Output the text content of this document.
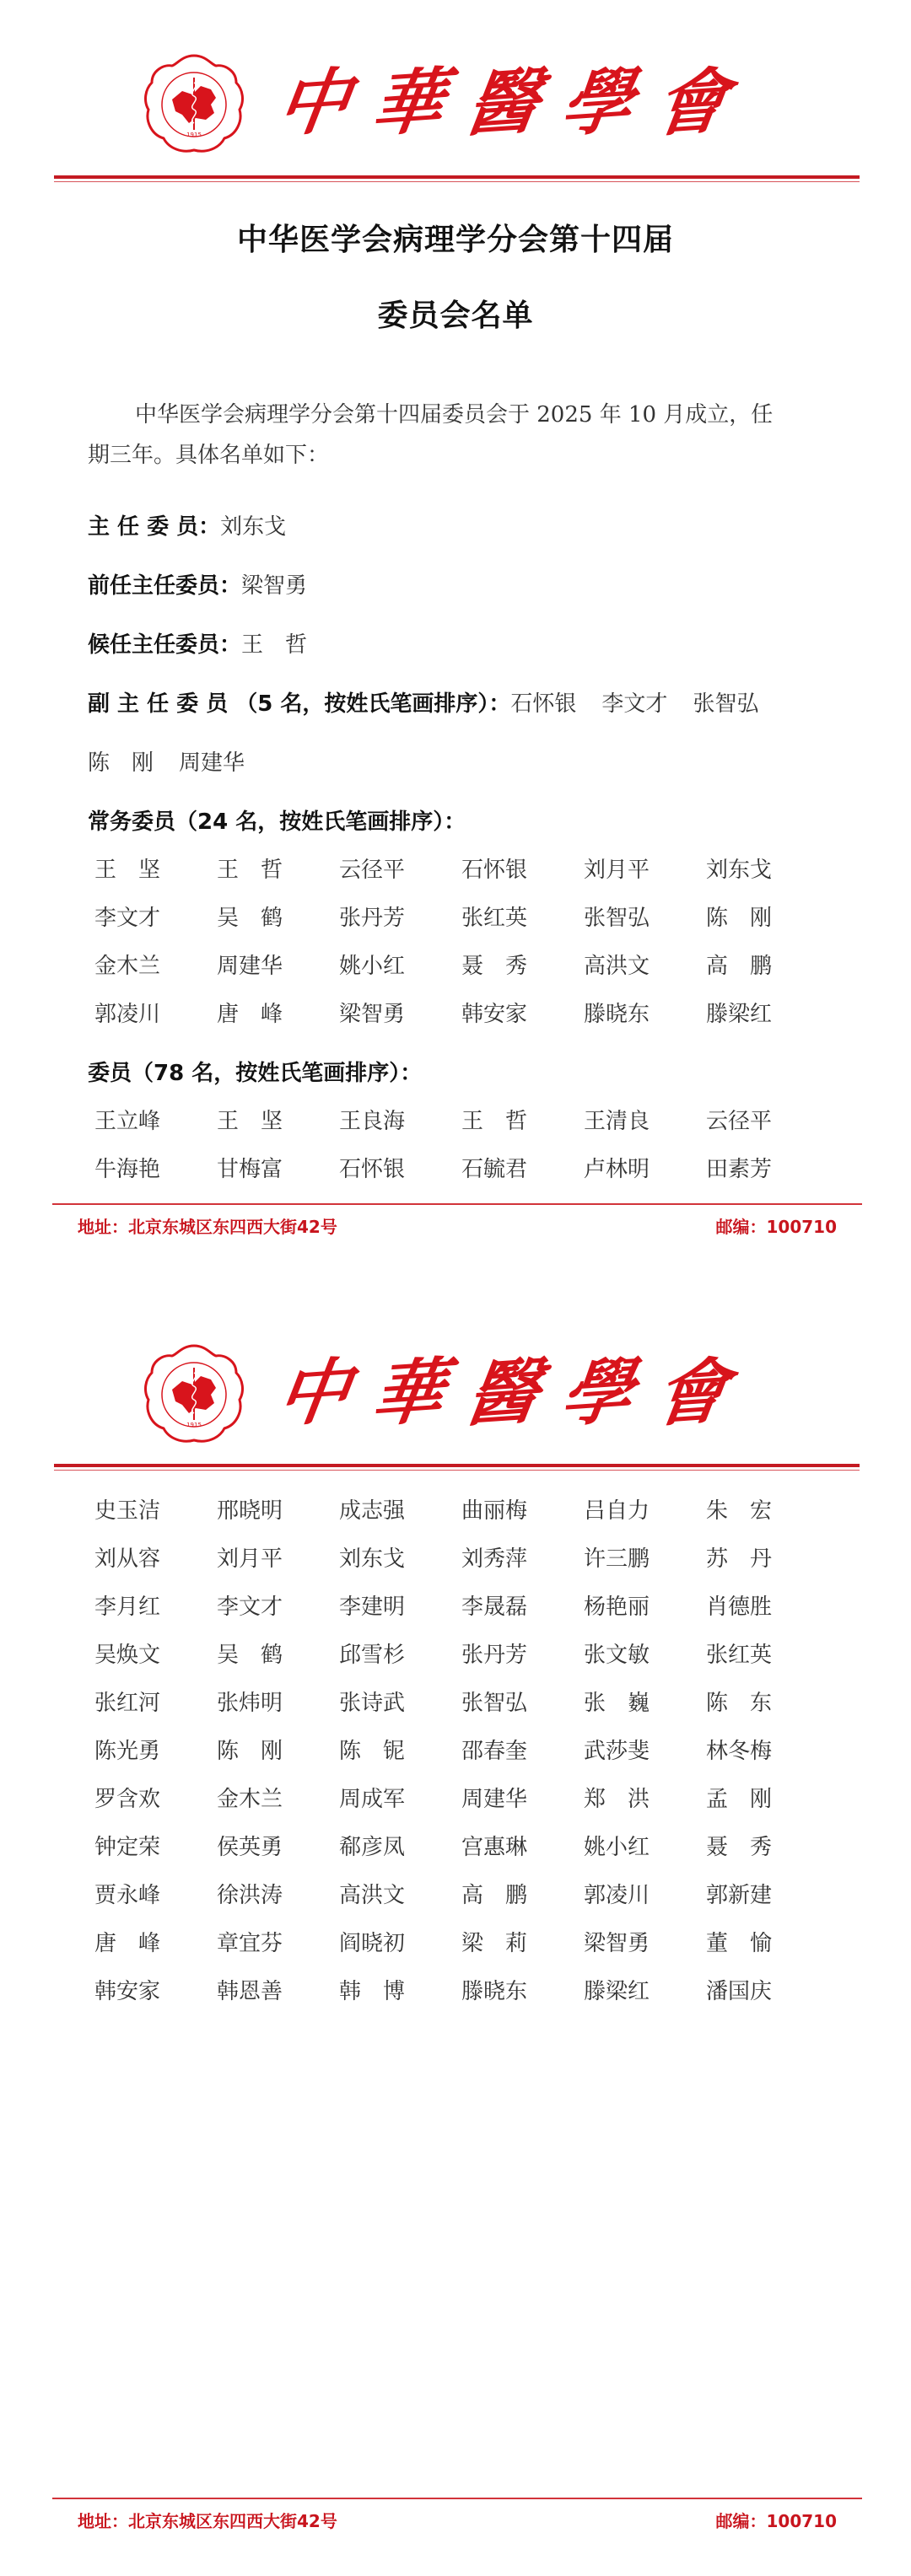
1915 中 華 醫 學 會
中华医学会病理学分会第十四届
委员会名单
中华医学会病理学分会第十四届委员会于 2025 年 10 月成立，任
期三年。具体名单如下：
主 任 委 员：刘东戈
前任主任委员：梁智勇
候任主任委员：王　哲
副 主 任 委 员 （5 名，按姓氏笔画排序）：石怀银 李文才 张智弘
陈　刚 周建华
常务委员（24 名，按姓氏笔画排序）：
王　坚	王　哲	云径平	石怀银	刘月平	刘东戈
李文才	吴　鹤	张丹芳	张红英	张智弘	陈　刚
金木兰	周建华	姚小红	聂　秀	高洪文	高　鹏
郭凌川	唐　峰	梁智勇	韩安家	滕晓东	滕梁红
委员（78 名，按姓氏笔画排序）：
王立峰	王　坚	王良海	王　哲	王清良	云径平
牛海艳	甘梅富	石怀银	石毓君	卢林明	田素芳
地址：北京东城区东四西大街42号	邮编：100710
1915 中 華 醫 學 會
史玉洁	邢晓明	成志强	曲丽梅	吕自力	朱　宏
刘从容	刘月平	刘东戈	刘秀萍	许三鹏	苏　丹
李月红	李文才	李建明	李晟磊	杨艳丽	肖德胜
吴焕文	吴　鹤	邱雪杉	张丹芳	张文敏	张红英
张红河	张炜明	张诗武	张智弘	张　巍	陈　东
陈光勇	陈　刚	陈　铌	邵春奎	武莎斐	林冬梅
罗含欢	金木兰	周成军	周建华	郑　洪	孟　刚
钟定荣	侯英勇	郗彦凤	宫惠琳	姚小红	聂　秀
贾永峰	徐洪涛	高洪文	高　鹏	郭凌川	郭新建
唐　峰	章宜芬	阎晓初	梁　莉	梁智勇	董　愉
韩安家	韩恩善	韩　博	滕晓东	滕梁红	潘国庆
地址：北京东城区东四西大街42号	邮编：100710
